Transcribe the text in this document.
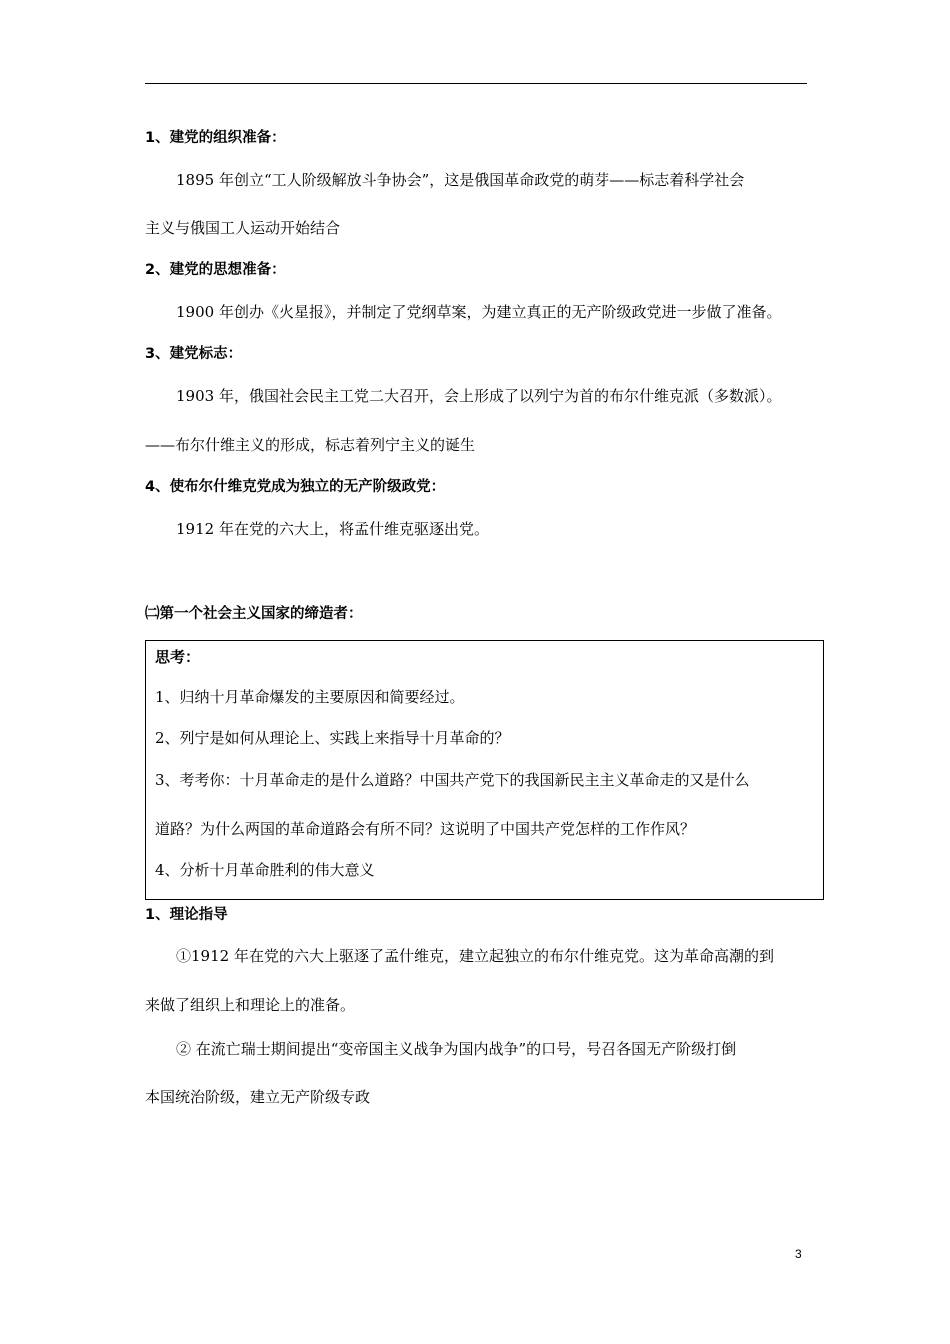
1、建党的组织准备：
1895 年创立“工人阶级解放斗争协会”，这是俄国革命政党的萌芽——标志着科学社会
主义与俄国工人运动开始结合
2、建党的思想准备：
1900 年创办《火星报》，并制定了党纲草案，为建立真正的无产阶级政党进一步做了准备。
3、建党标志：
1903 年，俄国社会民主工党二大召开，会上形成了以列宁为首的布尔什维克派（多数派）。
——布尔什维主义的形成，标志着列宁主义的诞生
4、使布尔什维克党成为独立的无产阶级政党：
1912 年在党的六大上，将孟什维克驱逐出党。
㈡第一个社会主义国家的缔造者：
思考：
1、归纳十月革命爆发的主要原因和简要经过。
2、列宁是如何从理论上、实践上来指导十月革命的？
3、考考你：十月革命走的是什么道路？中国共产党下的我国新民主主义革命走的又是什么
道路？为什么两国的革命道路会有所不同？这说明了中国共产党怎样的工作作风？
4、分析十月革命胜利的伟大意义
1、理论指导
①1912 年在党的六大上驱逐了孟什维克，建立起独立的布尔什维克党。这为革命高潮的到
来做了组织上和理论上的准备。
② 在流亡瑞士期间提出“变帝国主义战争为国内战争”的口号，号召各国无产阶级打倒
本国统治阶级，建立无产阶级专政
3
